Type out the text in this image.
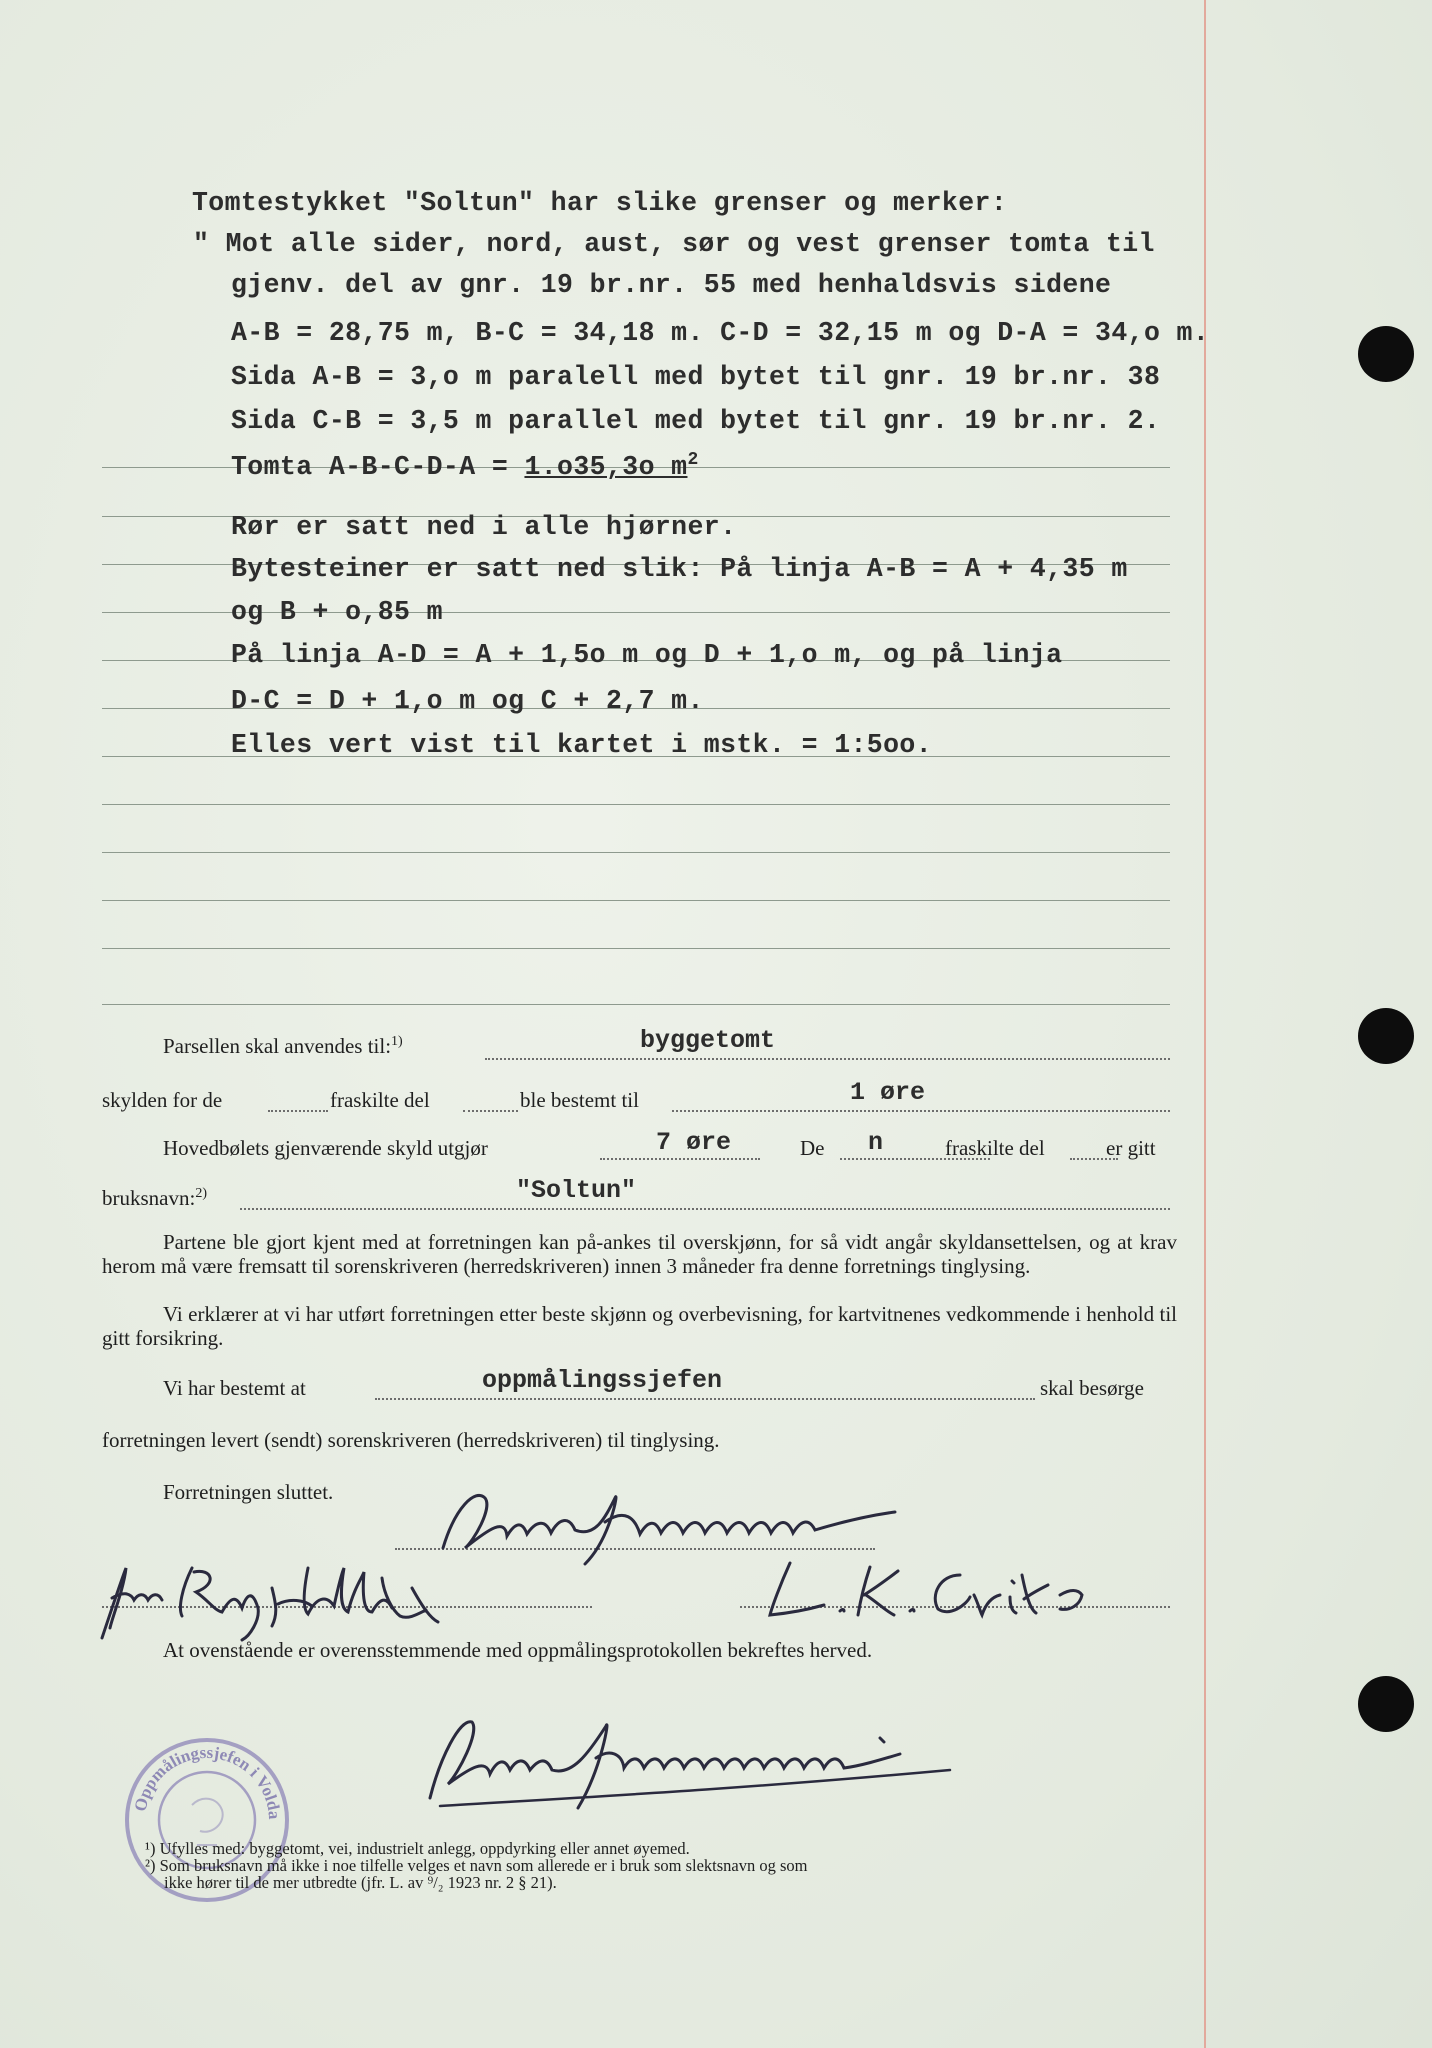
Tomtestykket "Soltun" har slike grenser og merker:
" Mot alle sider, nord, aust, sør og vest grenser tomta til
gjenv. del av gnr. 19 br.nr. 55 med henhaldsvis sidene
A-B = 28,75 m, B-C = 34,18 m. C-D = 32,15 m og D-A = 34,o m.
Sida A-B = 3,o m paralell med bytet til gnr. 19 br.nr. 38
Sida C-B = 3,5 m parallel med bytet til gnr. 19 br.nr. 2.
Tomta A-B-C-D-A = 1.o35,3o $m^2$
Rør er satt ned i alle hjørner.
Bytesteiner er satt ned slik: På linja A-B = A + 4,35 m
og B + o,85 m
På linja A-D = A + 1,5o m og D + 1,o m, og på linja
D-C = D + 1,o m og C + 2,7 m.
Elles vert vist til kartet i mstk. = 1:5oo.
Parsellen skal anvendes til:$^{1)}$	byggetomt
skylden for de	fraskilte del	ble bestemt til	1 øre
Hovedbølets gjenværende skyld utgjør	7 øre	De n	fraskilte del	er gitt
bruksnavn:$^{2)}$	"Soltun"
Partene ble gjort kjent med at forretningen kan på-ankes til overskjønn, for så vidt angår skyldansettelsen, og at krav herom må være fremsatt til sorenskriveren (herredskriveren) innen 3 måneder fra denne forretnings tinglysing.
Vi erklærer at vi har utført forretningen etter beste skjønn og overbevisning, for kartvitnenes vedkommende i henhold til gitt forsikring.
Vi har bestemt at	oppmålingssjefen	skal besørge
forretningen levert (sendt) sorenskriveren (herredskriveren) til tinglysing.
Forretningen sluttet.
At ovenstående er overensstemmende med oppmålingsprotokollen bekreftes herved.
Oppmålingssjefen i Volda
¹) Ufylles med: byggetomt, vei, industrielt anlegg, oppdyrking eller annet øyemed.
²) Som bruksnavn må ikke i noe tilfelle velges et navn som allerede er i bruk som slektsnavn og som
ikke hører til de mer utbredte (jfr. L. av ⁹/₂ 1923 nr. 2 § 21).
